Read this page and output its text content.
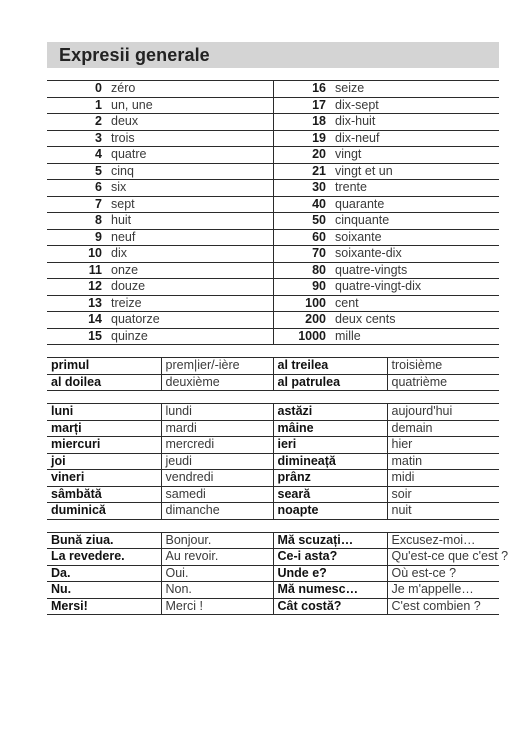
Expresii generale
0	zéro	16	seize
1	un, une	17	dix-sept
2	deux	18	dix-huit
3	trois	19	dix-neuf
4	quatre	20	vingt
5	cinq	21	vingt et un
6	six	30	trente
7	sept	40	quarante
8	huit	50	cinquante
9	neuf	60	soixante
10	dix	70	soixante-dix
11	onze	80	quatre-vingts
12	douze	90	quatre-vingt-dix
13	treize	100	cent
14	quatorze	200	deux cents
15	quinze	1000	mille
primul	prem|ier/-ière	al treilea	troisième
al doilea	deuxième	al patrulea	quatrième
luni	lundi	astăzi	aujourd'hui
marți	mardi	mâine	demain
miercuri	mercredi	ieri	hier
joi	jeudi	dimineață	matin
vineri	vendredi	prânz	midi
sâmbătă	samedi	seară	soir
duminică	dimanche	noapte	nuit
Bună ziua.	Bonjour.	Mă scuzați…	Excusez-moi…
La revedere.	Au revoir.	Ce-i asta?	Qu'est-ce que c'est ?
Da.	Oui.	Unde e?	Où est-ce ?
Nu.	Non.	Mă numesc…	Je m'appelle…
Mersi!	Merci !	Cât costă?	C'est combien ?
